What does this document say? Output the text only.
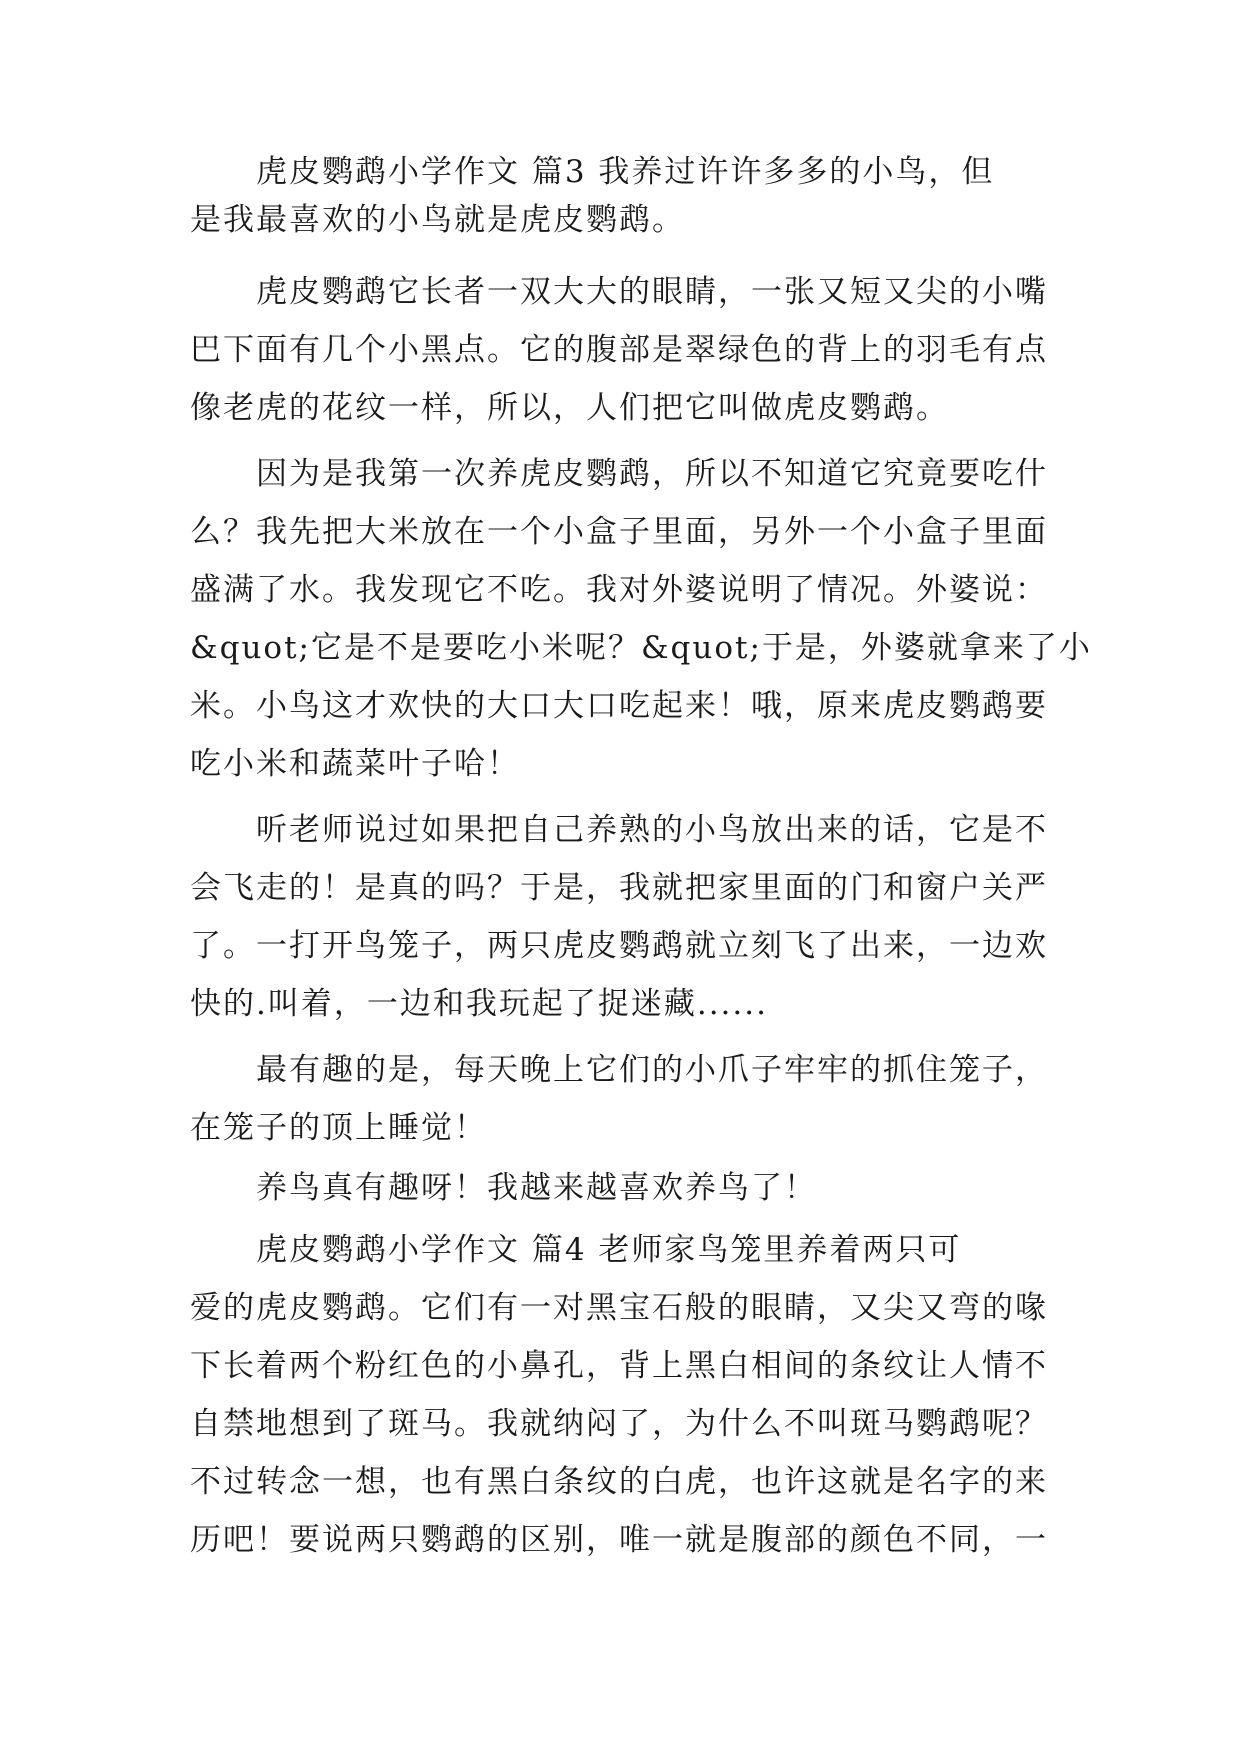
虎皮鹦鹉小学作文 篇3 我养过许许多多的小鸟，但
是我最喜欢的小鸟就是虎皮鹦鹉。
虎皮鹦鹉它长者一双大大的眼睛，一张又短又尖的小嘴
巴下面有几个小黑点。它的腹部是翠绿色的背上的羽毛有点
像老虎的花纹一样，所以，人们把它叫做虎皮鹦鹉。
因为是我第一次养虎皮鹦鹉，所以不知道它究竟要吃什
么？我先把大米放在一个小盒子里面，另外一个小盒子里面
盛满了水。我发现它不吃。我对外婆说明了情况。外婆说：
&quot;它是不是要吃小米呢？&quot;于是，外婆就拿来了小
米。小鸟这才欢快的大口大口吃起来！哦，原来虎皮鹦鹉要
吃小米和蔬菜叶子哈！
听老师说过如果把自己养熟的小鸟放出来的话，它是不
会飞走的！是真的吗？于是，我就把家里面的门和窗户关严
了。一打开鸟笼子，两只虎皮鹦鹉就立刻飞了出来，一边欢
快的.叫着，一边和我玩起了捉迷藏......
最有趣的是，每天晚上它们的小爪子牢牢的抓住笼子，
在笼子的顶上睡觉！
养鸟真有趣呀！我越来越喜欢养鸟了！
虎皮鹦鹉小学作文 篇4 老师家鸟笼里养着两只可
爱的虎皮鹦鹉。它们有一对黑宝石般的眼睛，又尖又弯的喙
下长着两个粉红色的小鼻孔，背上黑白相间的条纹让人情不
自禁地想到了斑马。我就纳闷了，为什么不叫斑马鹦鹉呢？
不过转念一想，也有黑白条纹的白虎，也许这就是名字的来
历吧！要说两只鹦鹉的区别，唯一就是腹部的颜色不同，一
